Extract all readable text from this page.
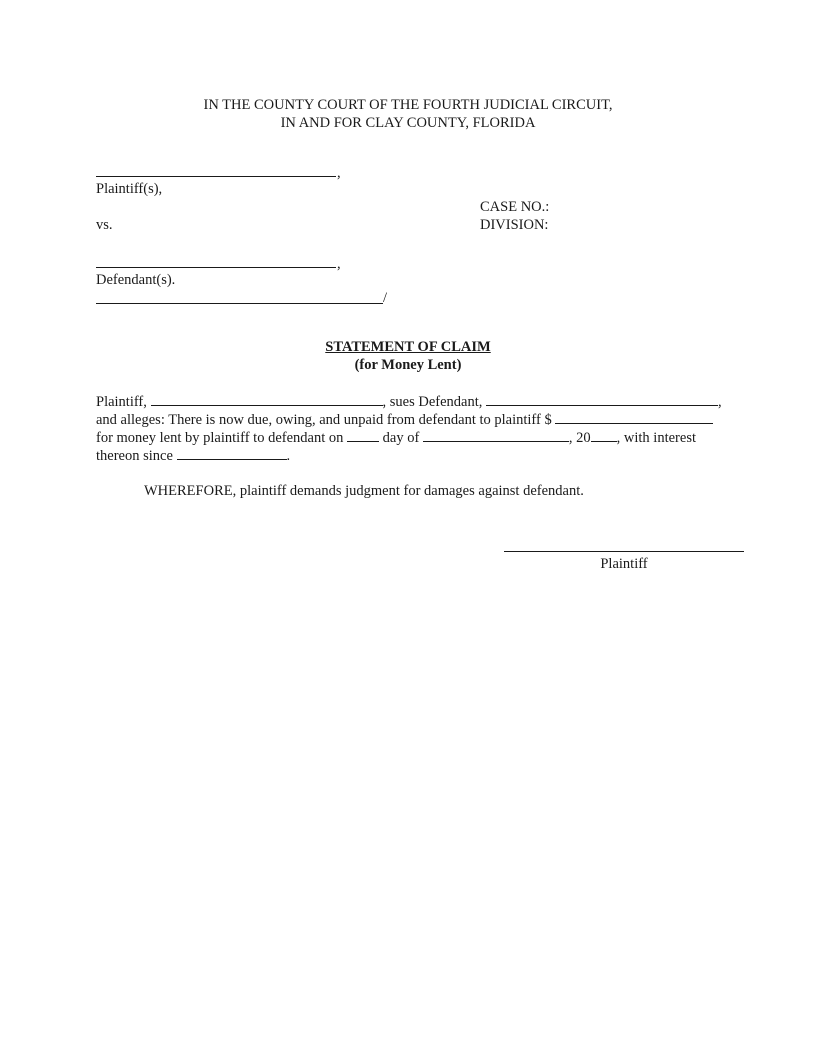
IN THE COUNTY COURT OF THE FOURTH JUDICIAL CIRCUIT,
IN AND FOR CLAY COUNTY, FLORIDA
,
Plaintiff(s),
CASE NO.:
vs.	DIVISION:
,
Defendant(s).
/
STATEMENT OF CLAIM
(for Money Lent)
Plaintiff,	, sues Defendant,	,
and alleges: There is now due, owing, and unpaid from defendant to plaintiff $
for money lent by plaintiff to defendant on	day of	, 20 , with interest
thereon since	.
WHEREFORE, plaintiff demands judgment for damages against defendant.
Plaintiff
